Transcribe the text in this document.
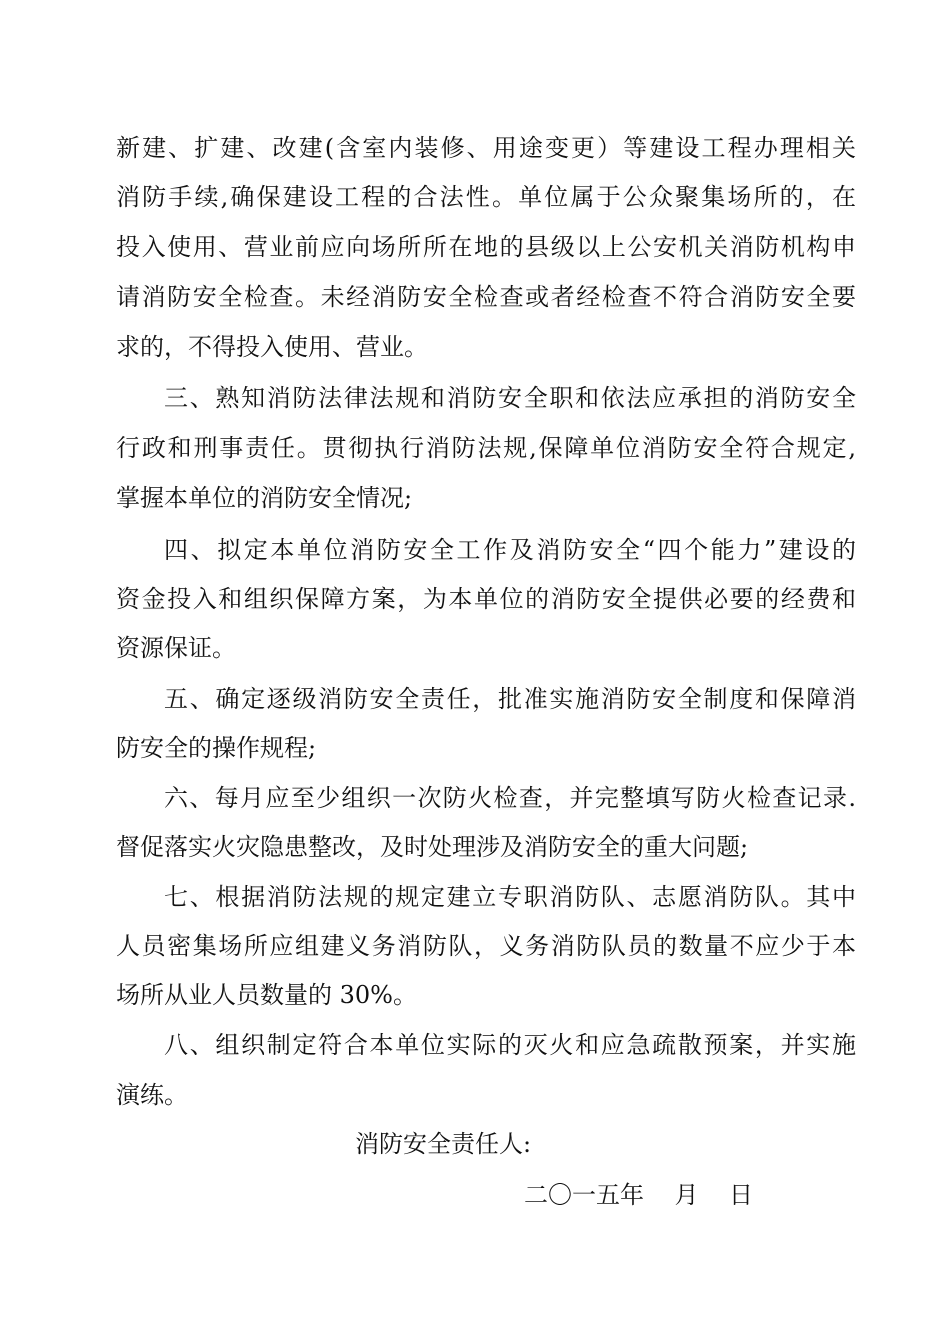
新建、扩建、改建(含室内装修、用途变更）等建设工程办理相关
消防手续,确保建设工程的合法性。单位属于公众聚集场所的，在
投入使用、营业前应向场所所在地的县级以上公安机关消防机构申
请消防安全检查。未经消防安全检查或者经检查不符合消防安全要
求的，不得投入使用、营业。
三、熟知消防法律法规和消防安全职和依法应承担的消防安全
行政和刑事责任。贯彻执行消防法规,保障单位消防安全符合规定,
掌握本单位的消防安全情况;
四、拟定本单位消防安全工作及消防安全“四个能力”建设的
资金投入和组织保障方案，为本单位的消防安全提供必要的经费和
资源保证。
五、确定逐级消防安全责任，批准实施消防安全制度和保障消
防安全的操作规程;
六、每月应至少组织一次防火检查，并完整填写防火检查记录.
督促落实火灾隐患整改，及时处理涉及消防安全的重大问题;
七、根据消防法规的规定建立专职消防队、志愿消防队。其中
人员密集场所应组建义务消防队，义务消防队员的数量不应少于本
场所从业人员数量的 30%。
八、组织制定符合本单位实际的灭火和应急疏散预案，并实施
演练。
消防安全责任人:
二〇一五年    月    日
